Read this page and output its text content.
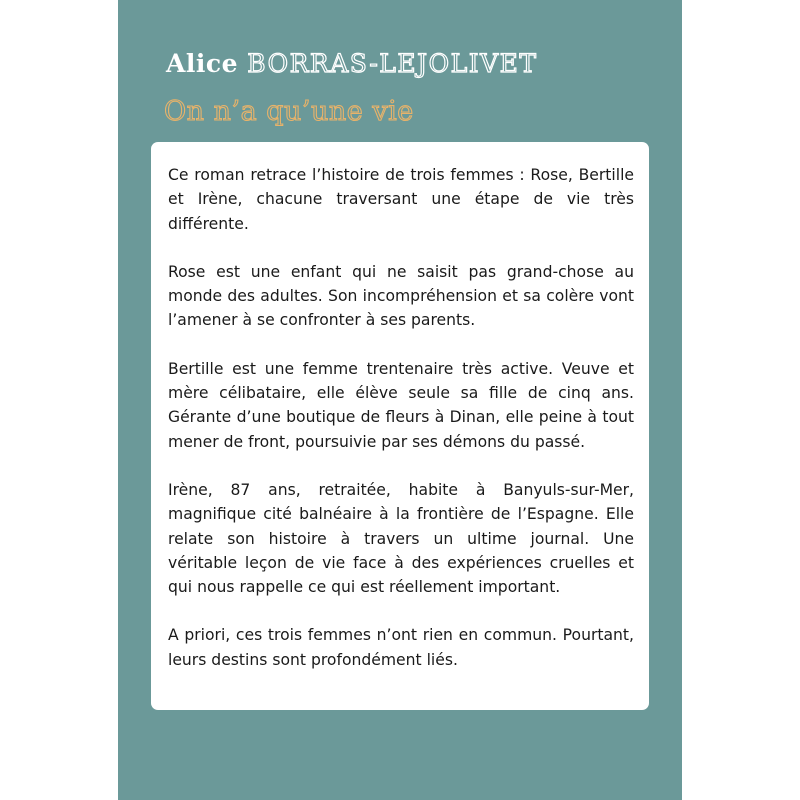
Alice BORRAS-LEJOLIVET
On n’a qu’une vie

Ce roman retrace l’histoire de trois femmes : Rose, Bertille et Irène, chacune traversant une étape de vie très différente.

Rose est une enfant qui ne saisit pas grand-chose au monde des adultes. Son incompréhension et sa colère vont l’amener à se confronter à ses parents.

Bertille est une femme trentenaire très active. Veuve et mère célibataire, elle élève seule sa fille de cinq ans. Gérante d’une boutique de fleurs à Dinan, elle peine à tout mener de front, poursuivie par ses démons du passé.

Irène, 87 ans, retraitée, habite à Banyuls-sur-Mer, magnifique cité balnéaire à la frontière de l’Espagne. Elle relate son histoire à travers un ultime journal. Une véritable leçon de vie face à des expériences cruelles et qui nous rappelle ce qui est réellement important.

A priori, ces trois femmes n’ont rien en commun. Pourtant, leurs destins sont profondément liés.
